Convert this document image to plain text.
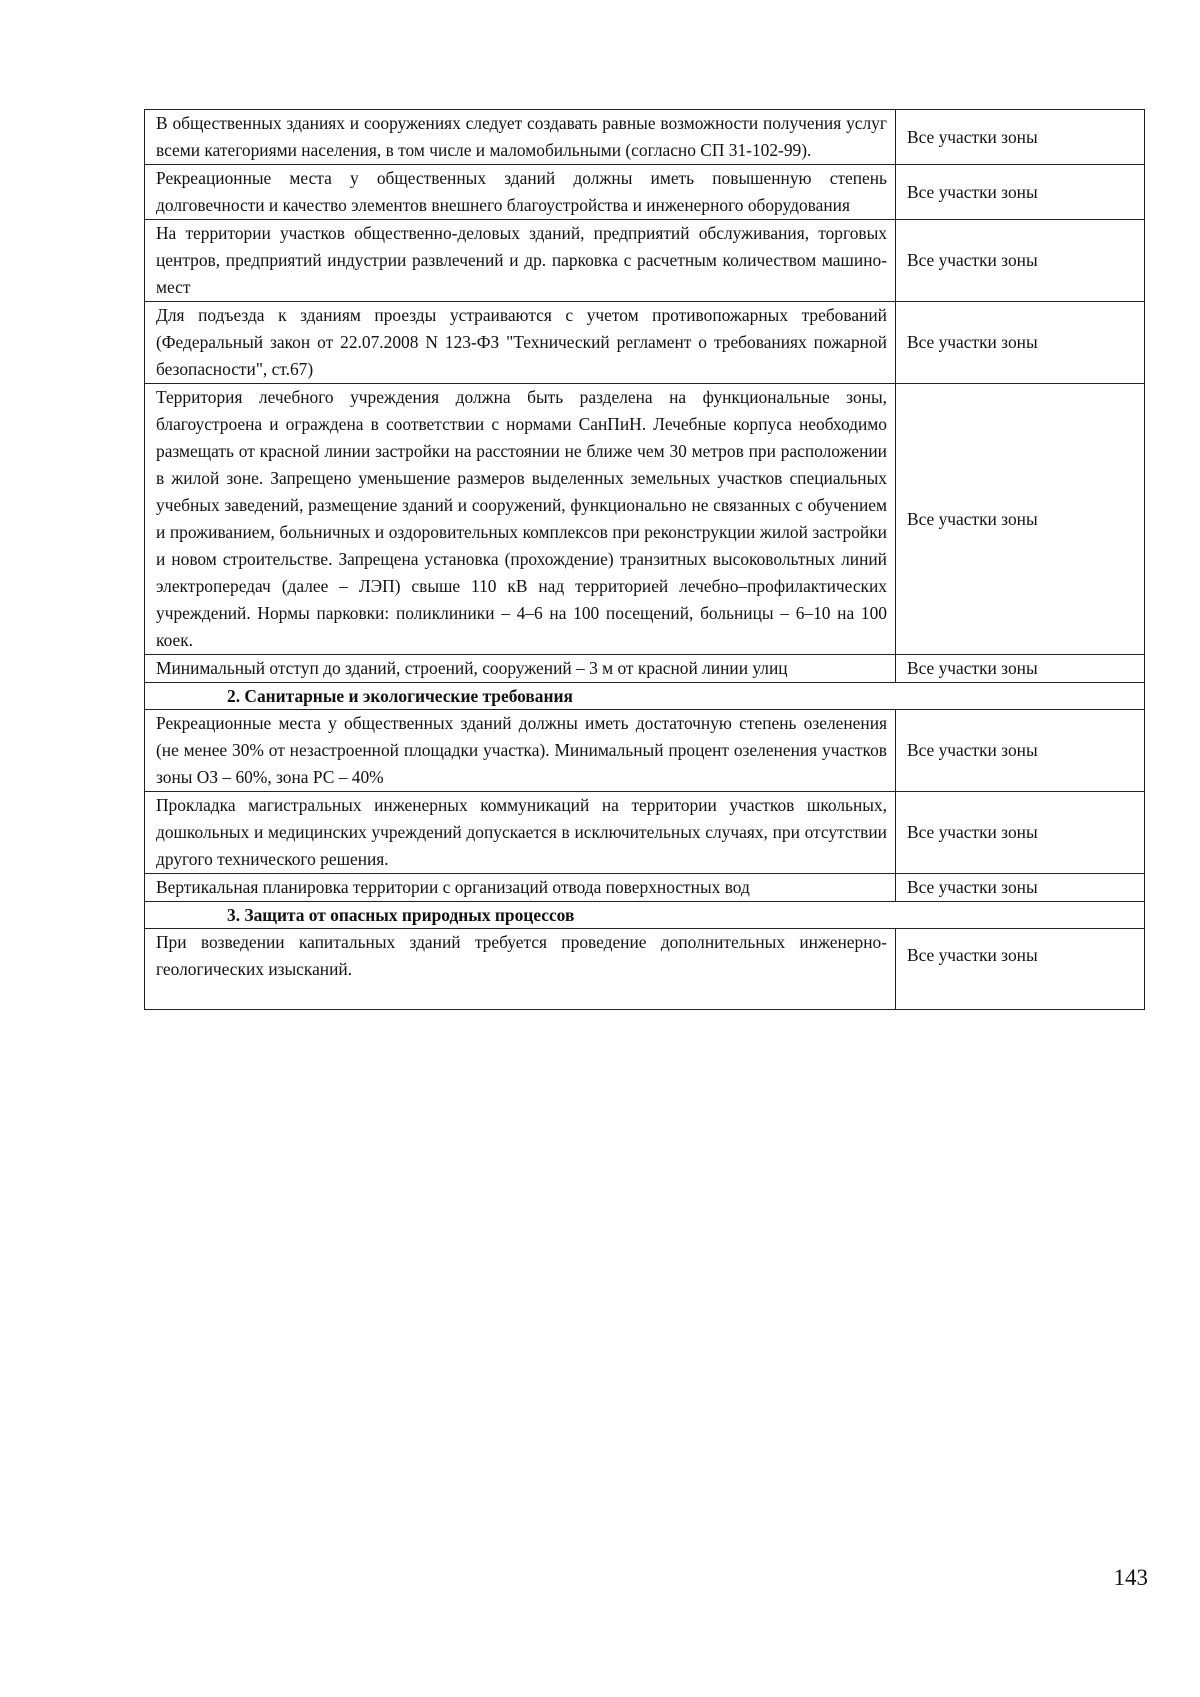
В общественных зданиях и сооружениях следует создавать равные возможности получения услуг всеми категориями населения, в том числе и маломобильными (согласно СП 31-102-99).	Все участки зоны
Рекреационные места у общественных зданий должны иметь повышенную степень долговечности и качество элементов внешнего благоустройства и инженерного оборудования	Все участки зоны
На территории участков общественно-деловых зданий, предприятий обслуживания, торговых центров, предприятий индустрии развлечений и др. парковка с расчетным количеством машино-мест	Все участки зоны
Для подъезда к зданиям проезды устраиваются с учетом противопожарных требований (Федеральный закон от 22.07.2008 N 123-ФЗ "Технический регламент о требованиях пожарной безопасности", ст.67)	Все участки зоны
Территория лечебного учреждения должна быть разделена на функциональные зоны, благоустроена и ограждена в соответствии с нормами СанПиН. Лечебные корпуса необходимо размещать от красной линии застройки на расстоянии не ближе чем 30 метров при расположении в жилой зоне. Запрещено уменьшение размеров выделенных земельных участков специальных учебных заведений, размещение зданий и сооружений, функционально не связанных с обучением и проживанием, больничных и оздоровительных комплексов при реконструкции жилой застройки и новом строительстве. Запрещена установка (прохождение) транзитных высоковольтных линий электропередач (далее – ЛЭП) свыше 110 кВ над территорией лечебно–профилактических учреждений. Нормы парковки: поликлиники – 4–6 на 100 посещений, больницы – 6–10 на 100 коек.	Все участки зоны
Минимальный отступ до зданий, строений, сооружений – 3 м от красной линии улиц	Все участки зоны
2. Санитарные и экологические требования	
Рекреационные места у общественных зданий должны иметь достаточную степень озеленения (не менее 30% от незастроенной площадки участка). Минимальный процент озеленения участков зоны ОЗ – 60%, зона РС – 40%	Все участки зоны
Прокладка магистральных инженерных коммуникаций на территории участков школьных, дошкольных и медицинских учреждений допускается в исключительных случаях, при отсутствии другого технического решения.	Все участки зоны
Вертикальная планировка территории с организаций отвода поверхностных вод	Все участки зоны
3. Защита от опасных природных процессов	
При возведении капитальных зданий требуется проведение дополнительных инженерно-геологических изысканий.	Все участки зоны
143
